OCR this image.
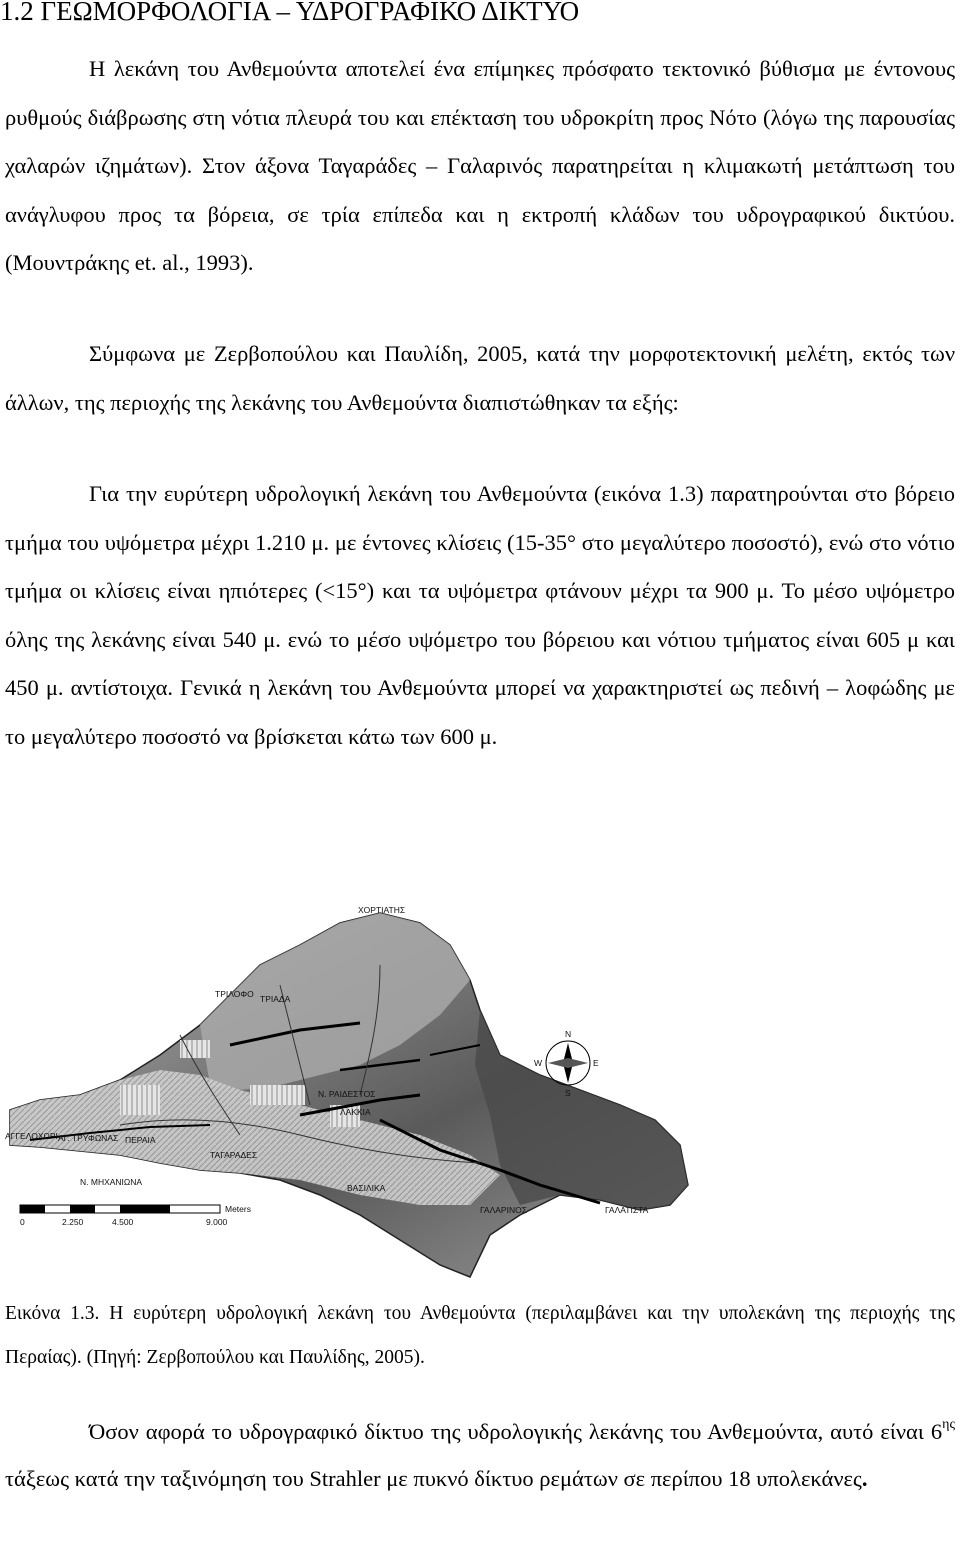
1.2 ΓΕΩΜΟΡΦΟΛΟΓΙΑ – ΥΔΡΟΓΡΑΦΙΚΟ ΔΙΚΤΥΟ
Η λεκάνη του Ανθεμούντα αποτελεί ένα επίμηκες πρόσφατο τεκτονικό βύθισμα με έντονους ρυθμούς διάβρωσης στη νότια πλευρά του και επέκταση του υδροκρίτη προς Νότο (λόγω της παρουσίας χαλαρών ιζημάτων). Στον άξονα Ταγαράδες – Γαλαρινός παρατηρείται η κλιμακωτή μετάπτωση του ανάγλυφου προς τα βόρεια, σε τρία επίπεδα και η εκτροπή κλάδων του υδρογραφικού δικτύου. (Μουντράκης et. al., 1993).
Σύμφωνα με Ζερβοπούλου και Παυλίδη, 2005, κατά την μορφοτεκτονική μελέτη, εκτός των άλλων, της περιοχής της λεκάνης του Ανθεμούντα διαπιστώθηκαν τα εξής:
Για την ευρύτερη υδρολογική λεκάνη του Ανθεμούντα (εικόνα 1.3) παρατηρούνται στο βόρειο τμήμα του υψόμετρα μέχρι 1.210 μ. με έντονες κλίσεις (15-35° στο μεγαλύτερο ποσοστό), ενώ στο νότιο τμήμα οι κλίσεις είναι ηπιότερες (<15°) και τα υψόμετρα φτάνουν μέχρι τα 900 μ. Το μέσο υψόμετρο όλης της λεκάνης είναι 540 μ. ενώ το μέσο υψόμετρο του βόρειου και νότιου τμήματος είναι 605 μ και 450 μ. αντίστοιχα. Γενικά η λεκάνη του Ανθεμούντα μπορεί να χαρακτηριστεί ως πεδινή – λοφώδης με το μεγαλύτερο ποσοστό να βρίσκεται κάτω των 600 μ.
ΧΟΡΤΙΑΤΗΣ
ΤΡΙΛΟΦΟ ΤΡΙΑΔΑ
Ν. ΡΑΙΔΕΣΤΟΣ
ΛΑΚΚΙΑ
ΑΓΓΕΛΟΧΩΡΙ ΑΓ. ΤΡΥΦΩΝΑΣ ΠΕΡΑΙΑ
ΤΑΓΑΡΑΔΕΣ
ΒΑΣΙΛΙΚΑ
Ν. ΜΗΧΑΝΙΩΝΑ
ΓΑΛΑΡΙΝΟΣ	ΓΑΛΑΤΙΣΤΑ
N
E
S
W
0	2.250	4.500	9.000
Meters
Εικόνα 1.3. Η ευρύτερη υδρολογική λεκάνη του Ανθεμούντα (περιλαμβάνει και την υπολεκάνη της περιοχής της Περαίας). (Πηγή: Ζερβοπούλου και Παυλίδης, 2005).
Όσον αφορά το υδρογραφικό δίκτυο της υδρολογικής λεκάνης του Ανθεμούντα, αυτό είναι $6^{\eta\varsigma}$ τάξεως κατά την ταξινόμηση του Strahler με πυκνό δίκτυο ρεμάτων σε περίπου 18 υπολεκάνες.
